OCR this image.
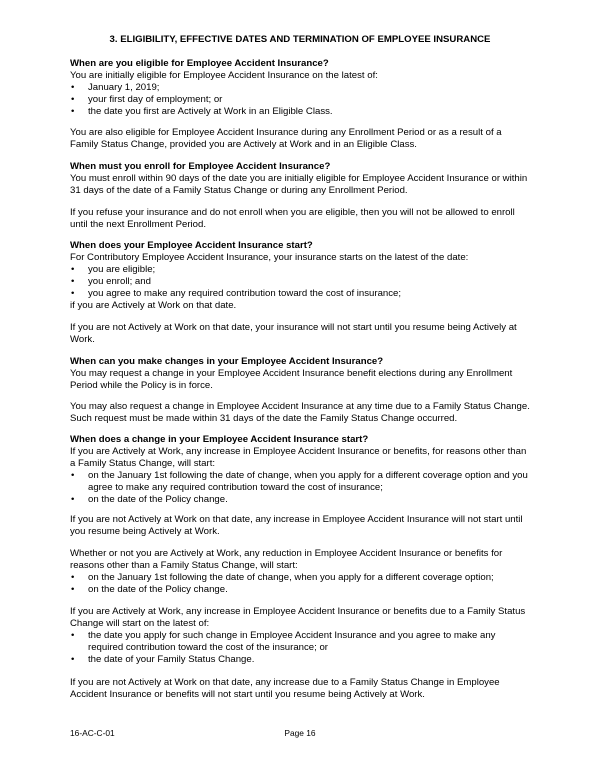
3. ELIGIBILITY, EFFECTIVE DATES AND TERMINATION OF EMPLOYEE INSURANCE
When are you eligible for Employee Accident Insurance?
You are initially eligible for Employee Accident Insurance on the latest of:
• January 1, 2019;
• your first day of employment; or
• the date you first are Actively at Work in an Eligible Class.
You are also eligible for Employee Accident Insurance during any Enrollment Period or as a result of a Family Status Change, provided you are Actively at Work and in an Eligible Class.
When must you enroll for Employee Accident Insurance?
You must enroll within 90 days of the date you are initially eligible for Employee Accident Insurance or within 31 days of the date of a Family Status Change or during any Enrollment Period.
If you refuse your insurance and do not enroll when you are eligible, then you will not be allowed to enroll until the next Enrollment Period.
When does your Employee Accident Insurance start?
For Contributory Employee Accident Insurance, your insurance starts on the latest of the date:
• you are eligible;
• you enroll; and
• you agree to make any required contribution toward the cost of insurance;
if you are Actively at Work on that date.
If you are not Actively at Work on that date, your insurance will not start until you resume being Actively at Work.
When can you make changes in your Employee Accident Insurance?
You may request a change in your Employee Accident Insurance benefit elections during any Enrollment Period while the Policy is in force.
You may also request a change in Employee Accident Insurance at any time due to a Family Status Change. Such request must be made within 31 days of the date the Family Status Change occurred.
When does a change in your Employee Accident Insurance start?
If you are Actively at Work, any increase in Employee Accident Insurance or benefits, for reasons other than a Family Status Change, will start:
• on the January 1st following the date of change, when you apply for a different coverage option and you agree to make any required contribution toward the cost of insurance;
• on the date of the Policy change.
If you are not Actively at Work on that date, any increase in Employee Accident Insurance will not start until you resume being Actively at Work.
Whether or not you are Actively at Work, any reduction in Employee Accident Insurance or benefits for reasons other than a Family Status Change, will start:
• on the January 1st following the date of change, when you apply for a different coverage option;
• on the date of the Policy change.
If you are Actively at Work, any increase in Employee Accident Insurance or benefits due to a Family Status Change will start on the latest of:
• the date you apply for such change in Employee Accident Insurance and you agree to make any required contribution toward the cost of the insurance; or
• the date of your Family Status Change.
If you are not Actively at Work on that date, any increase due to a Family Status Change in Employee Accident Insurance or benefits will not start until you resume being Actively at Work.
16-AC-C-01	Page 16
